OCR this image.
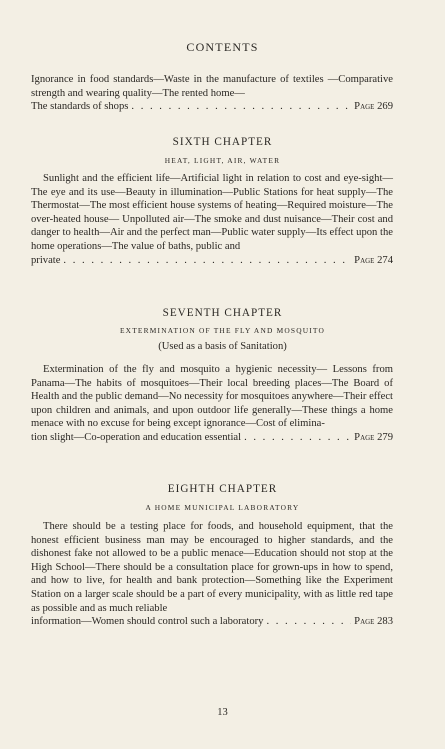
CONTENTS
Ignorance in food standards—Waste in the manufacture of textiles —Comparative strength and wearing quality—The rented home—
The standards of shops . . .	Page 269
SIXTH CHAPTER
HEAT, LIGHT, AIR, WATER
Sunlight and the efficient life—Artificial light in relation to cost and eye-sight—The eye and its use—Beauty in illumination—Public Stations for heat supply—The Thermostat—The most efficient house systems of heating—Required moisture—The over-heated house— Unpolluted air—The smoke and dust nuisance—Their cost and danger to health—Air and the perfect man—Public water supply—Its effect upon the home operations—The value of baths, public and
private . . .	Page 274
SEVENTH CHAPTER
EXTERMINATION OF THE FLY AND MOSQUITO
(Used as a basis of Sanitation)
Extermination of the fly and mosquito a hygienic necessity— Lessons from Panama—The habits of mosquitoes—Their local breeding places—The Board of Health and the public demand—No necessity for mosquitoes anywhere—Their effect upon children and animals, and upon outdoor life generally—These things a home menace with no excuse for being except ignorance—Cost of elimina-
tion slight—Co-operation and education essential . . .	Page 279
EIGHTH CHAPTER
A HOME MUNICIPAL LABORATORY
There should be a testing place for foods, and household equipment, that the honest efficient business man may be encouraged to higher standards, and the dishonest fake not allowed to be a public menace—Education should not stop at the High School—There should be a consultation place for grown-ups in how to spend, and how to live, for health and bank protection—Something like the Experiment Station on a larger scale should be a part of every municipality, with as little red tape as possible and as much reliable
information—Women should control such a laboratory . . .	Page 283
13
